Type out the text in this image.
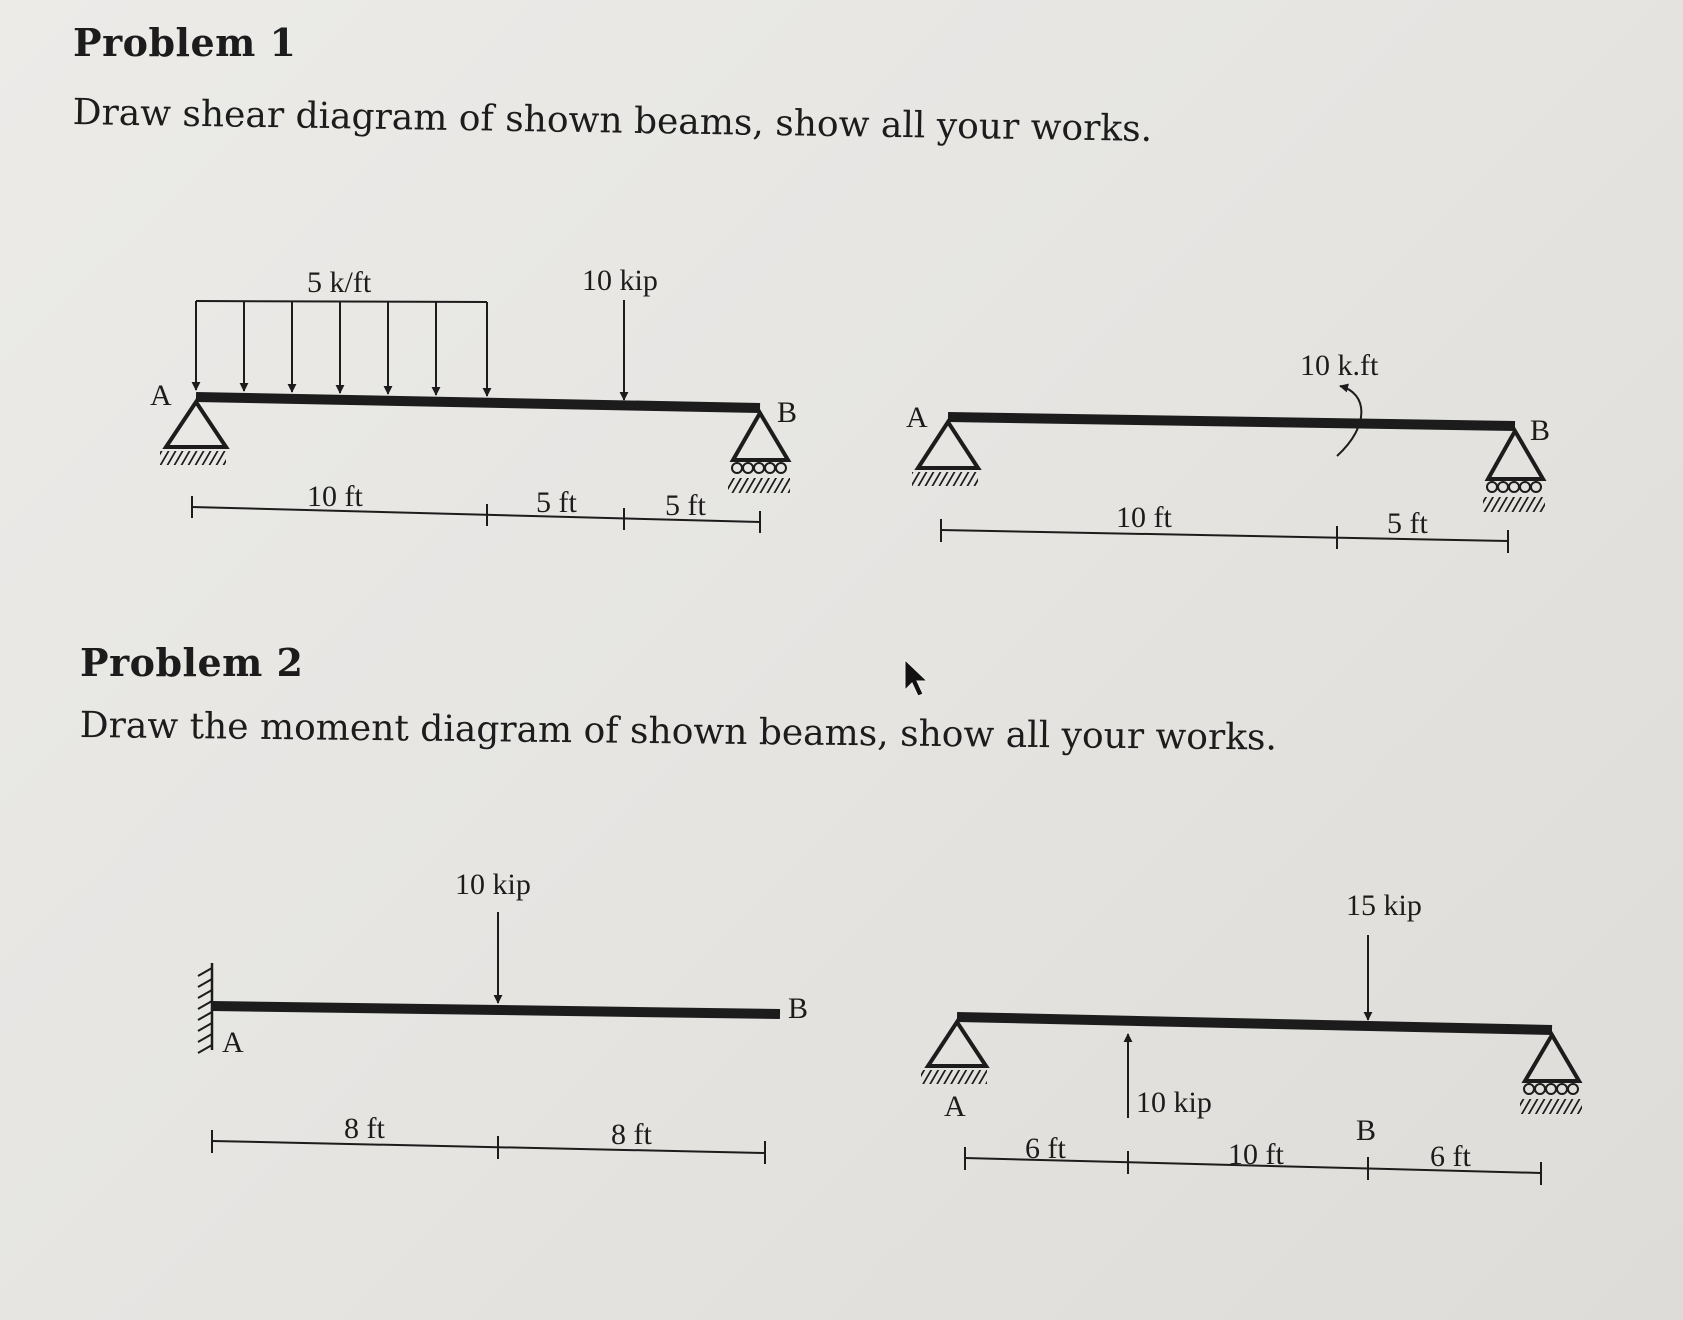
Problem 1

Draw shear diagram of shown beams, show all your works.

Problem 2

Draw the moment diagram of shown beams, show all your works.

5 k/ft	10 kip
A
B
10 ft	5 ft	5 ft
10 k.ft
A	B
10 ft	5 ft
10 kip
A
B
8 ft	8 ft
15 kip
10 kip
A
B
6 ft	10 ft	6 ft
